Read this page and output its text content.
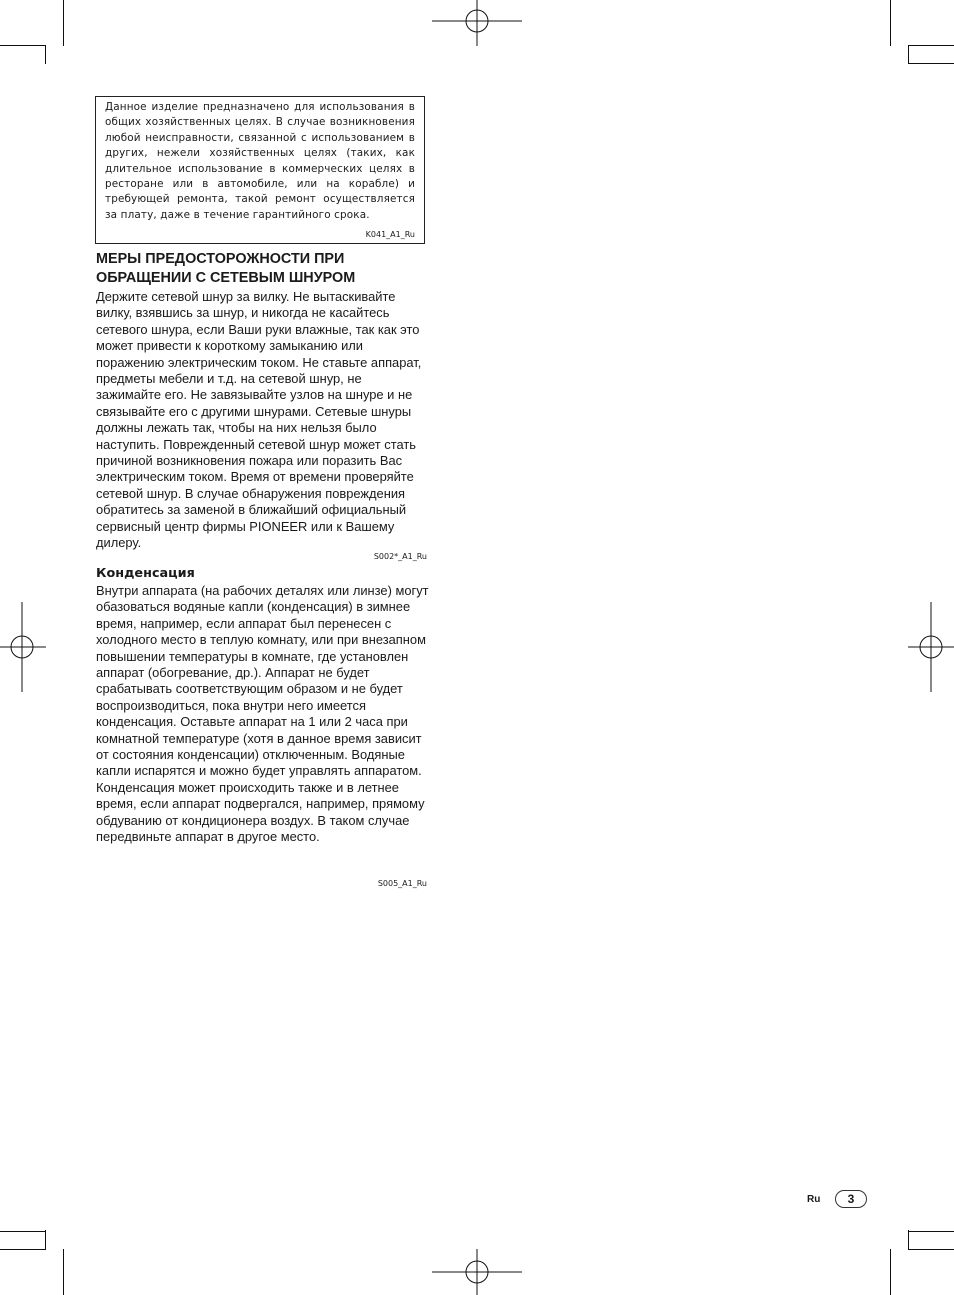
Данное изделие предназначено для использования в общих хозяйственных целях. В случае возникновения любой неисправности, связанной с использованием в других, нежели хозяйственных целях (таких, как длительное использование в коммерческих целях в ресторане или в автомобиле, или на корабле) и требующей ремонта, такой ремонт осуществляется за плату, даже в течение гарантийного срока.

K041_A1_Ru
МЕРЫ ПРЕДОСТОРОЖНОСТИ ПРИ
ОБРАЩЕНИИ С СЕТЕВЫМ ШНУРОМ

Держите сетевой шнур за вилку. Не вытаскивайте вилку, взявшись за шнур, и никогда не касайтесь сетевого шнура, если Ваши руки влажные, так как это может привести к короткому замыканию или поражению электрическим током. Не ставьте аппарат, предметы мебели и т.д. на сетевой шнур, не зажимайте его. Не завязывайте узлов на шнуре и не связывайте его с другими шнурами. Сетевые шнуры должны лежать так, чтобы на них нельзя было наступить. Поврежденный сетевой шнур может стать причиной возникновения пожара или поразить Вас электрическим током. Время от времени проверяйте сетевой шнур. В случае обнаружения повреждения обратитесь за заменой в ближайший официальный сервисный центр фирмы PIONEER или к Вашему дилеру.

S002*_A1_Ru
Конденсация

Внутри аппарата (на рабочих деталях или линзе) могут обазоваться водяные капли (конденсация) в зимнее время, например, если аппарат был перенесен с холодного место в теплую комнату, или при внезапном повышении температуры в комнате, где установлен аппарат (обогревание, др.). Аппарат не будет срабатывать соответствующим образом и не будет воспроизводиться, пока внутри него имеется конденсация. Оставьте аппарат на 1 или 2 часа при комнатной температуре (хотя в данное время зависит от состояния конденсации) отключенным. Водяные капли испарятся и можно будет управлять аппаратом. Конденсация может происходить также и в летнее время, если аппарат подвергался, например, прямому обдуванию от кондиционера воздух. В таком случае передвиньте аппарат в другое место.

S005_A1_Ru
Ru	3
